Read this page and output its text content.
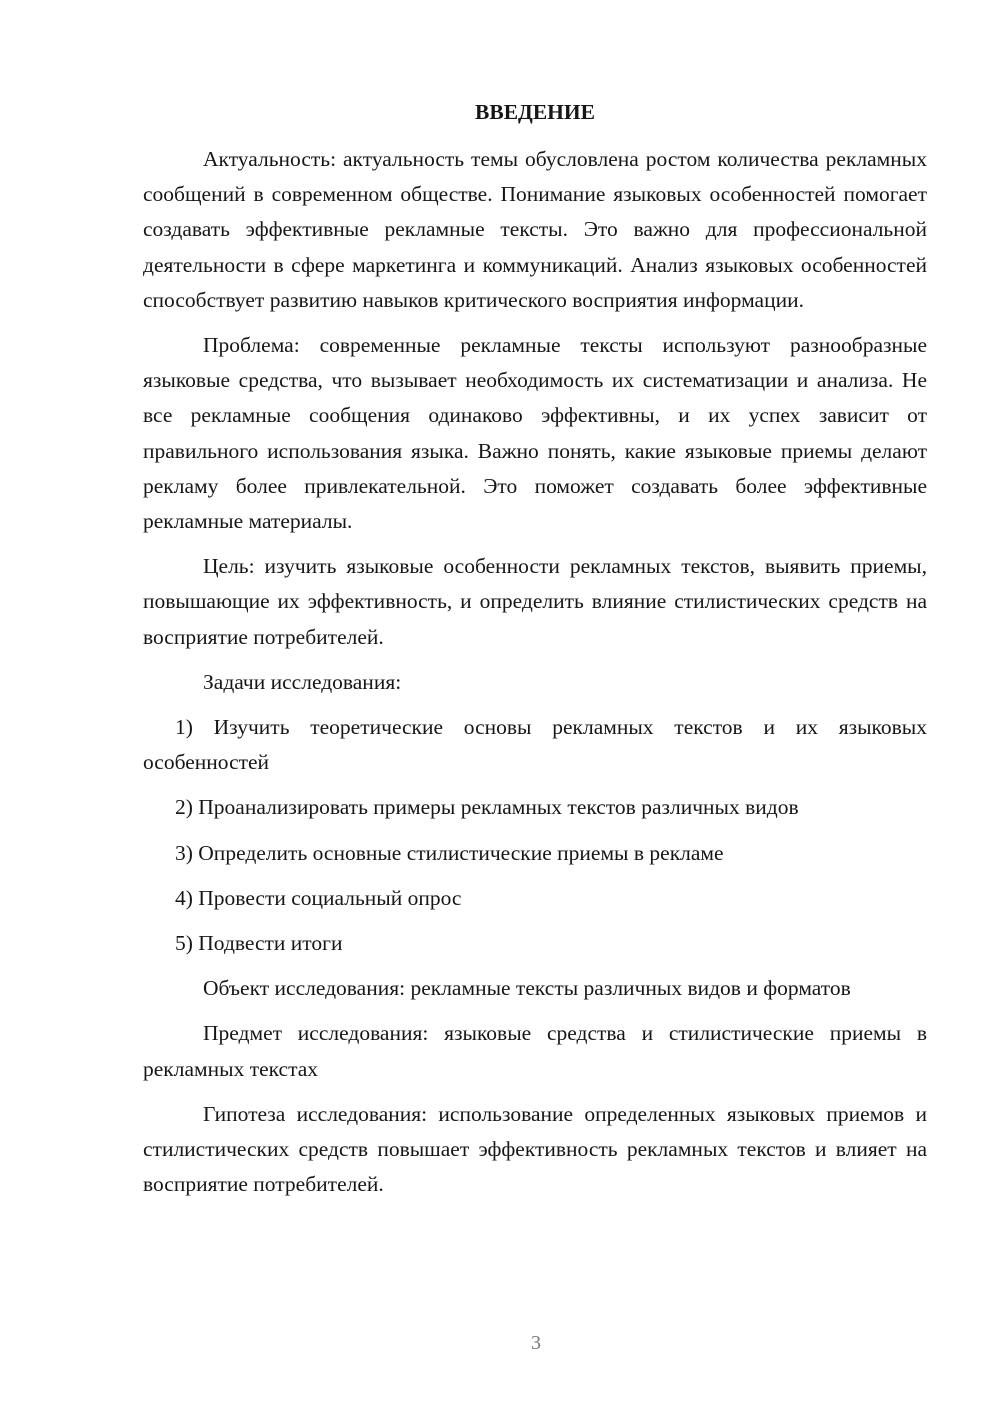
ВВЕДЕНИЕ
Актуальность: актуальность темы обусловлена ростом количества рекламных сообщений в современном обществе. Понимание языковых особенностей помогает создавать эффективные рекламные тексты. Это важно для профессиональной деятельности в сфере маркетинга и коммуникаций. Анализ языковых особенностей способствует развитию навыков критического восприятия информации.
Проблема: современные рекламные тексты используют разнообразные языковые средства, что вызывает необходимость их систематизации и анализа. Не все рекламные сообщения одинаково эффективны, и их успех зависит от правильного использования языка. Важно понять, какие языковые приемы делают рекламу более привлекательной. Это поможет создавать более эффективные рекламные материалы.
Цель: изучить языковые особенности рекламных текстов, выявить приемы, повышающие их эффективность, и определить влияние стилистических средств на восприятие потребителей.
Задачи исследования:
1) Изучить теоретические основы рекламных текстов и их языковых особенностей
2) Проанализировать примеры рекламных текстов различных видов
3) Определить основные стилистические приемы в рекламе
4) Провести социальный опрос
5) Подвести итоги
Объект исследования: рекламные тексты различных видов и форматов
Предмет исследования: языковые средства и стилистические приемы в рекламных текстах
Гипотеза исследования: использование определенных языковых приемов и стилистических средств повышает эффективность рекламных текстов и влияет на восприятие потребителей.
3
